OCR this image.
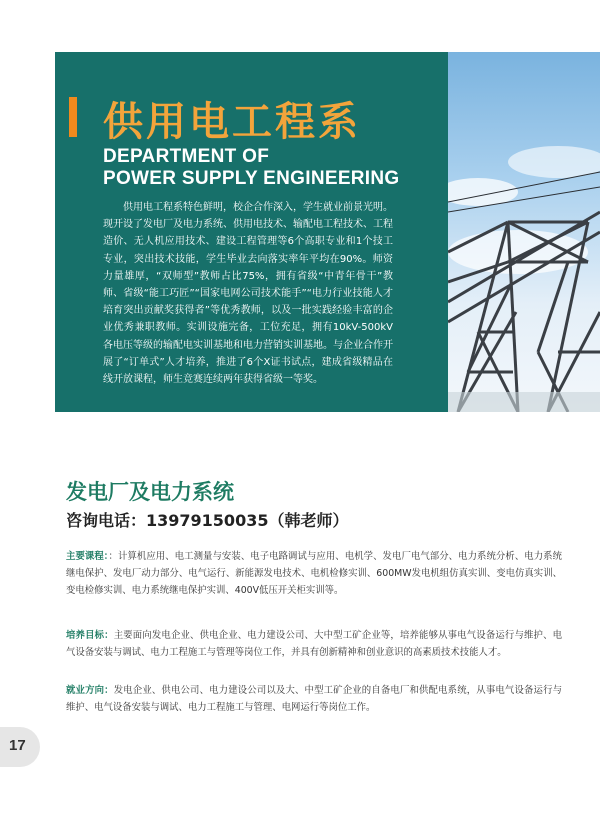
供用电工程系
DEPARTMENT OF
POWER SUPPLY ENGINEERING
供用电工程系特色鲜明，校企合作深入，学生就业前景光明。现开设了发电厂及电力系统、供用电技术、输配电工程技术、工程造价、无人机应用技术、建设工程管理等6个高职专业和1个技工专业，突出技术技能，学生毕业去向落实率年平均在90%。师资力量雄厚，“双师型”教师占比75%，拥有省级“中青年骨干”教师、省级“能工巧匠”“国家电网公司技术能手”“电力行业技能人才培育突出贡献奖获得者”等优秀教师，以及一批实践经验丰富的企业优秀兼职教师。实训设施完备，工位充足，拥有10kV-500kV各电压等级的输配电实训基地和电力营销实训基地。与企业合作开展了“订单式”人才培养，推进了6个X证书试点，建成省级精品在线开放课程，师生竞赛连续两年获得省级一等奖。
发电厂及电力系统
咨询电话：13979150035（韩老师）
主要课程：：计算机应用、电工测量与安装、电子电路调试与应用、电机学、发电厂电气部分、电力系统分析、电力系统继电保护、发电厂动力部分、电气运行、新能源发电技术、电机检修实训、600MW发电机组仿真实训、变电仿真实训、变电检修实训、电力系统继电保护实训、400V低压开关柜实训等。
培养目标：主要面向发电企业、供电企业、电力建设公司、大中型工矿企业等，培养能够从事电气设备运行与维护、电气设备安装与调试、电力工程施工与管理等岗位工作，并具有创新精神和创业意识的高素质技术技能人才。
就业方向：发电企业、供电公司、电力建设公司以及大、中型工矿企业的自备电厂和供配电系统，从事电气设备运行与维护、电气设备安装与调试、电力工程施工与管理、电网运行等岗位工作。
17
